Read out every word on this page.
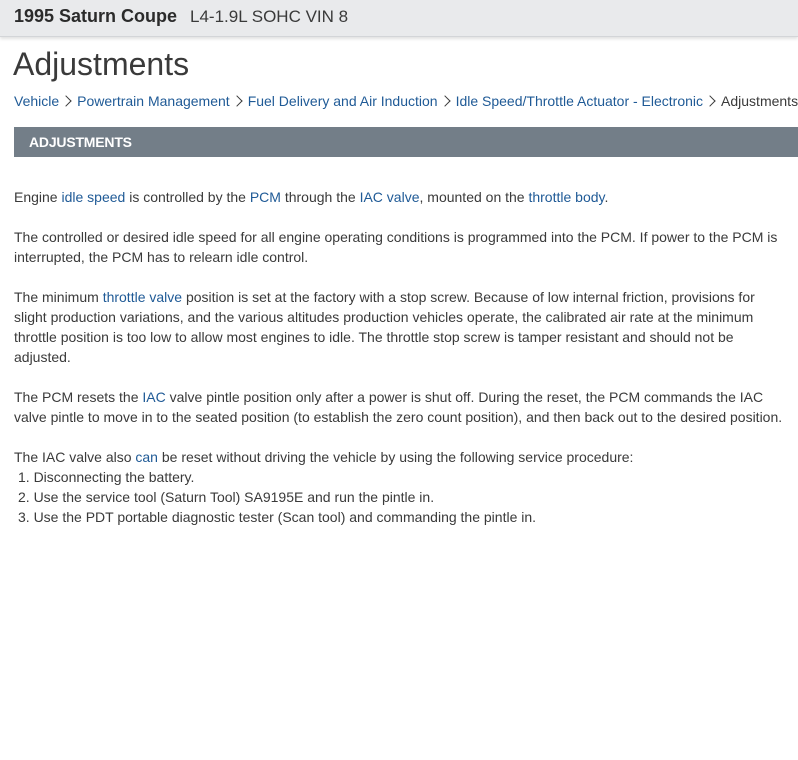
1995 Saturn Coupe L4-1.9L SOHC VIN 8
Adjustments
Vehicle Powertrain Management Fuel Delivery and Air Induction Idle Speed/Throttle Actuator - Electronic Adjustments
ADJUSTMENTS

Engine idle speed is controlled by the PCM through the IAC valve, mounted on the throttle body.

The controlled or desired idle speed for all engine operating conditions is programmed into the PCM. If power to the PCM is interrupted, the PCM has to relearn idle control.

The minimum throttle valve position is set at the factory with a stop screw. Because of low internal friction, provisions for slight production variations, and the various altitudes production vehicles operate, the calibrated air rate at the minimum throttle position is too low to allow most engines to idle. The throttle stop screw is tamper resistant and should not be adjusted.

The PCM resets the IAC valve pintle position only after a power is shut off. During the reset, the PCM commands the IAC valve pintle to move in to the seated position (to establish the zero count position), and then back out to the desired position.

The IAC valve also can be reset without driving the vehicle by using the following service procedure:

1. Disconnecting the battery.
2. Use the service tool (Saturn Tool) SA9195E and run the pintle in.
3. Use the PDT portable diagnostic tester (Scan tool) and commanding the pintle in.
